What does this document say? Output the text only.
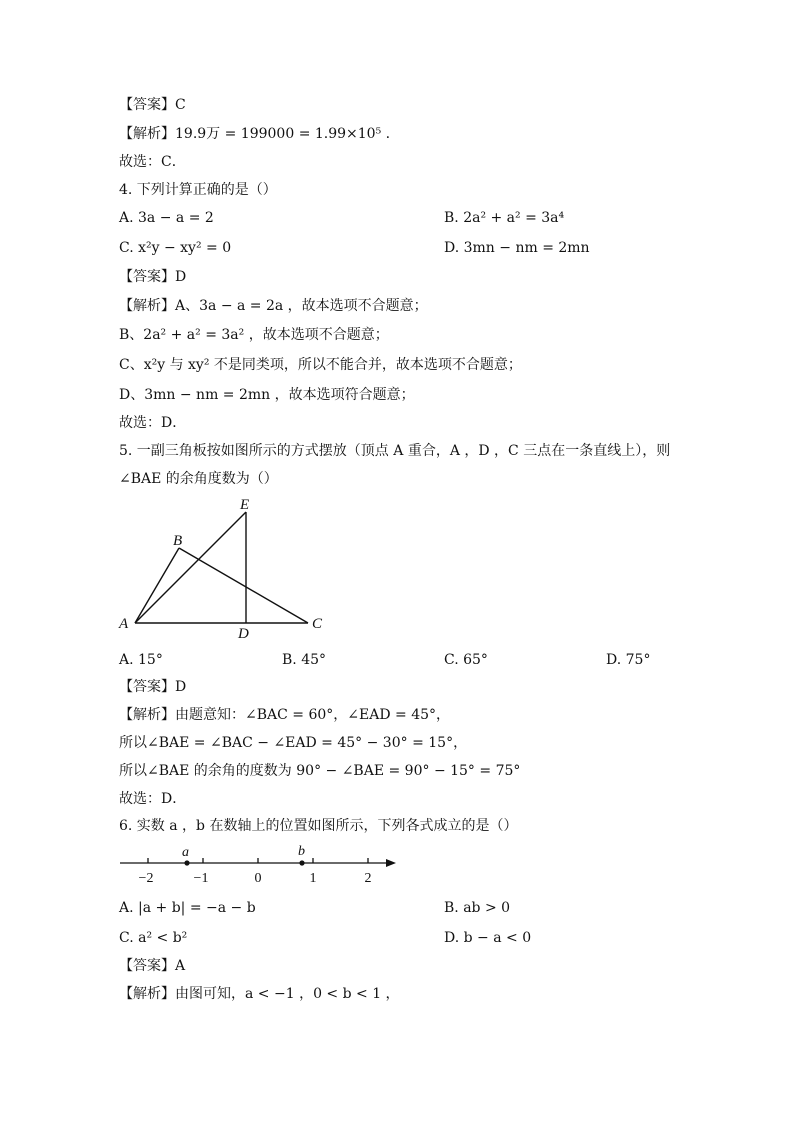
【答案】C
【解析】19.9万 = 199000 = 1.99×10⁵ .
故选：C．
4. 下列计算正确的是（）
A. 3a − a = 2	B. 2a² + a² = 3a⁴
C. x²y − xy² = 0	D. 3mn − nm = 2mn
【答案】D
【解析】A、3a − a = 2a ，故本选项不合题意；
B、2a² + a² = 3a² ，故本选项不合题意；
C、x²y 与 xy² 不是同类项，所以不能合并，故本选项不合题意；
D、3mn − nm = 2mn ，故本选项符合题意；
故选：D．
5. 一副三角板按如图所示的方式摆放（顶点 A 重合，A ，D ，C 三点在一条直线上），则
∠BAE 的余角度数为（）
A
B
C
D
E
A. 15°	B. 45°	C. 65°	D. 75°
【答案】D
【解析】由题意知：∠BAC = 60°，∠EAD = 45°，
所以∠BAE = ∠BAC − ∠EAD = 45° − 30° = 15°，
所以∠BAE 的余角的度数为 90° − ∠BAE = 90° − 15° = 75°
故选：D．
6. 实数 a ，b 在数轴上的位置如图所示，下列各式成立的是（）
a	b
−2	−1	0	1	2
A. |a + b| = −a − b	B. ab > 0
C. a² < b²	D. b − a < 0
【答案】A
【解析】由图可知，a < −1 ，0 < b < 1 ，
